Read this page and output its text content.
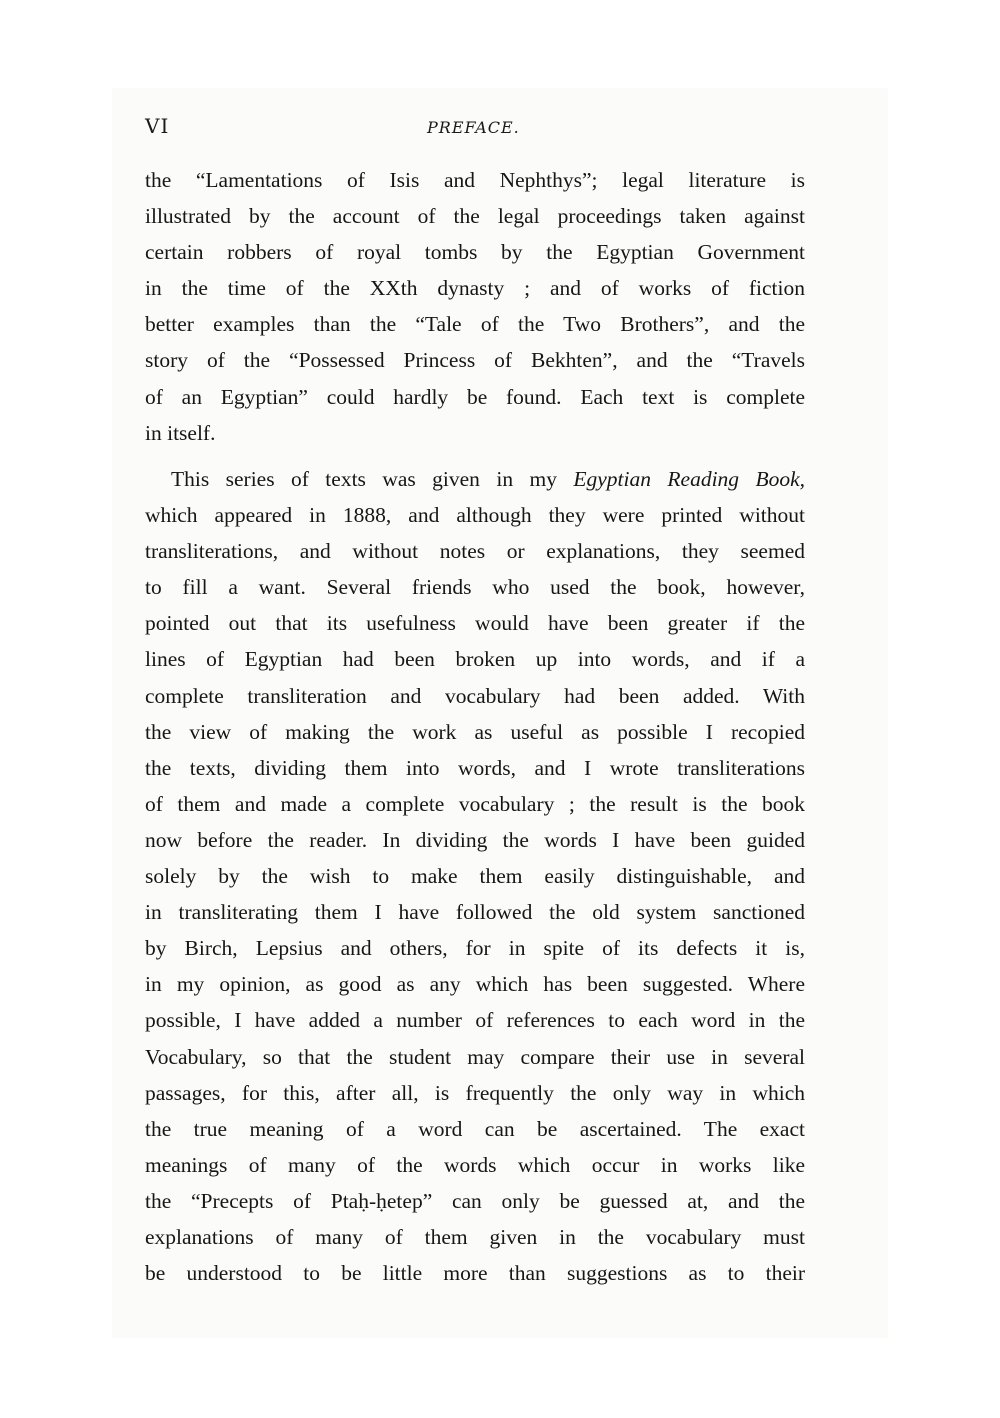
VI	PREFACE.
the “Lamentations of Isis and Nephthys”; legal literature is
illustrated by the account of the legal proceedings taken against
certain robbers of royal tombs by the Egyptian Government
in the time of the XXth dynasty ; and of works of fiction
better examples than the “Tale of the Two Brothers”, and the
story of the “Possessed Princess of Bekhten”, and the “Travels
of an Egyptian” could hardly be found. Each text is complete
in itself.
This series of texts was given in my Egyptian Reading Book,
which appeared in 1888, and although they were printed without
transliterations, and without notes or explanations, they seemed
to fill a want. Several friends who used the book, however,
pointed out that its usefulness would have been greater if the
lines of Egyptian had been broken up into words, and if a
complete transliteration and vocabulary had been added. With
the view of making the work as useful as possible I recopied
the texts, dividing them into words, and I wrote transliterations
of them and made a complete vocabulary ; the result is the book
now before the reader. In dividing the words I have been guided
solely by the wish to make them easily distinguishable, and
in transliterating them I have followed the old system sanctioned
by Birch, Lepsius and others, for in spite of its defects it is,
in my opinion, as good as any which has been suggested. Where
possible, I have added a number of references to each word in the
Vocabulary, so that the student may compare their use in several
passages, for this, after all, is frequently the only way in which
the true meaning of a word can be ascertained. The exact
meanings of many of the words which occur in works like
the “Precepts of Ptaḥ-ḥetep” can only be guessed at, and the
explanations of many of them given in the vocabulary must
be understood to be little more than suggestions as to their
